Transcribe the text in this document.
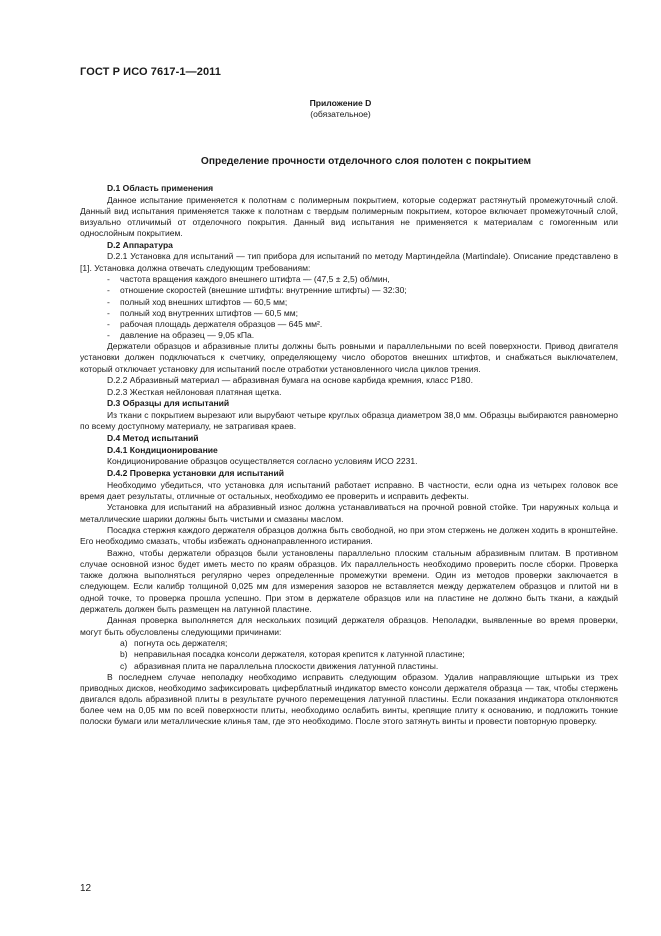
ГОСТ Р ИСО 7617-1—2011
Приложение D
(обязательное)
Определение прочности отделочного слоя полотен с покрытием
D.1 Область применения
Данное испытание применяется к полотнам с полимерным покрытием, которые содержат растянутый промежуточный слой. Данный вид испытания применяется также к полотнам с твердым полимерным покрытием, которое включает промежуточный слой, визуально отличимый от отделочного покрытия. Данный вид испытания не применяется к материалам с гомогенным или однослойным покрытием.
D.2 Аппаратура
D.2.1 Установка для испытаний — тип прибора для испытаний по методу Мартиндейла (Martindale). Описание представлено в [1]. Установка должна отвечать следующим требованиям:
- частота вращения каждого внешнего штифта — (47,5 ± 2,5) об/мин,
- отношение скоростей (внешние штифты: внутренние штифты) — 32:30;
- полный ход внешних штифтов — 60,5 мм;
- полный ход внутренних штифтов — 60,5 мм;
- рабочая площадь держателя образцов — 645 мм².
- давление на образец — 9,05 кПа.
Держатели образцов и абразивные плиты должны быть ровными и параллельными по всей поверхности. Привод двигателя установки должен подключаться к счетчику, определяющему число оборотов внешних штифтов, и снабжаться выключателем, который отключает установку для испытаний после отработки установленного числа циклов трения.
D.2.2 Абразивный материал — абразивная бумага на основе карбида кремния, класс P180.
D.2.3 Жесткая нейлоновая платяная щетка.
D.3 Образцы для испытаний
Из ткани с покрытием вырезают или вырубают четыре круглых образца диаметром 38,0 мм. Образцы выбираются равномерно по всему доступному материалу, не затрагивая краев.
D.4 Метод испытаний
D.4.1 Кондиционирование
Кондиционирование образцов осуществляется согласно условиям ИСО 2231.
D.4.2 Проверка установки для испытаний
Необходимо убедиться, что установка для испытаний работает исправно. В частности, если одна из четырех головок все время дает результаты, отличные от остальных, необходимо ее проверить и исправить дефекты.
Установка для испытаний на абразивный износ должна устанавливаться на прочной ровной стойке. Три наружных кольца и металлические шарики должны быть чистыми и смазаны маслом.
Посадка стержня каждого держателя образцов должна быть свободной, но при этом стержень не должен ходить в кронштейне. Его необходимо смазать, чтобы избежать однонаправленного истирания.
Важно, чтобы держатели образцов были установлены параллельно плоским стальным абразивным плитам. В противном случае основной износ будет иметь место по краям образцов. Их параллельность необходимо проверить после сборки. Проверка также должна выполняться регулярно через определенные промежутки времени. Один из методов проверки заключается в следующем. Если калибр толщиной 0,025 мм для измерения зазоров не вставляется между держателем образцов и плитой ни в одной точке, то проверка прошла успешно. При этом в держателе образцов или на пластине не должно быть ткани, а каждый держатель должен быть размещен на латунной пластине.
Данная проверка выполняется для нескольких позиций держателя образцов. Неполадки, выявленные во время проверки, могут быть обусловлены следующими причинами:
a) погнута ось держателя;
b) неправильная посадка консоли держателя, которая крепится к латунной пластине;
c) абразивная плита не параллельна плоскости движения латунной пластины.
В последнем случае неполадку необходимо исправить следующим образом. Удалив направляющие штырьки из трех приводных дисков, необходимо зафиксировать циферблатный индикатор вместо консоли держателя образца — так, чтобы стержень двигался вдоль абразивной плиты в результате ручного перемещения латунной пластины. Если показания индикатора отклоняются более чем на 0,05 мм по всей поверхности плиты, необходимо ослабить винты, крепящие плиту к основанию, и подложить тонкие полоски бумаги или металлические клинья там, где это необходимо. После этого затянуть винты и провести повторную проверку.
12
